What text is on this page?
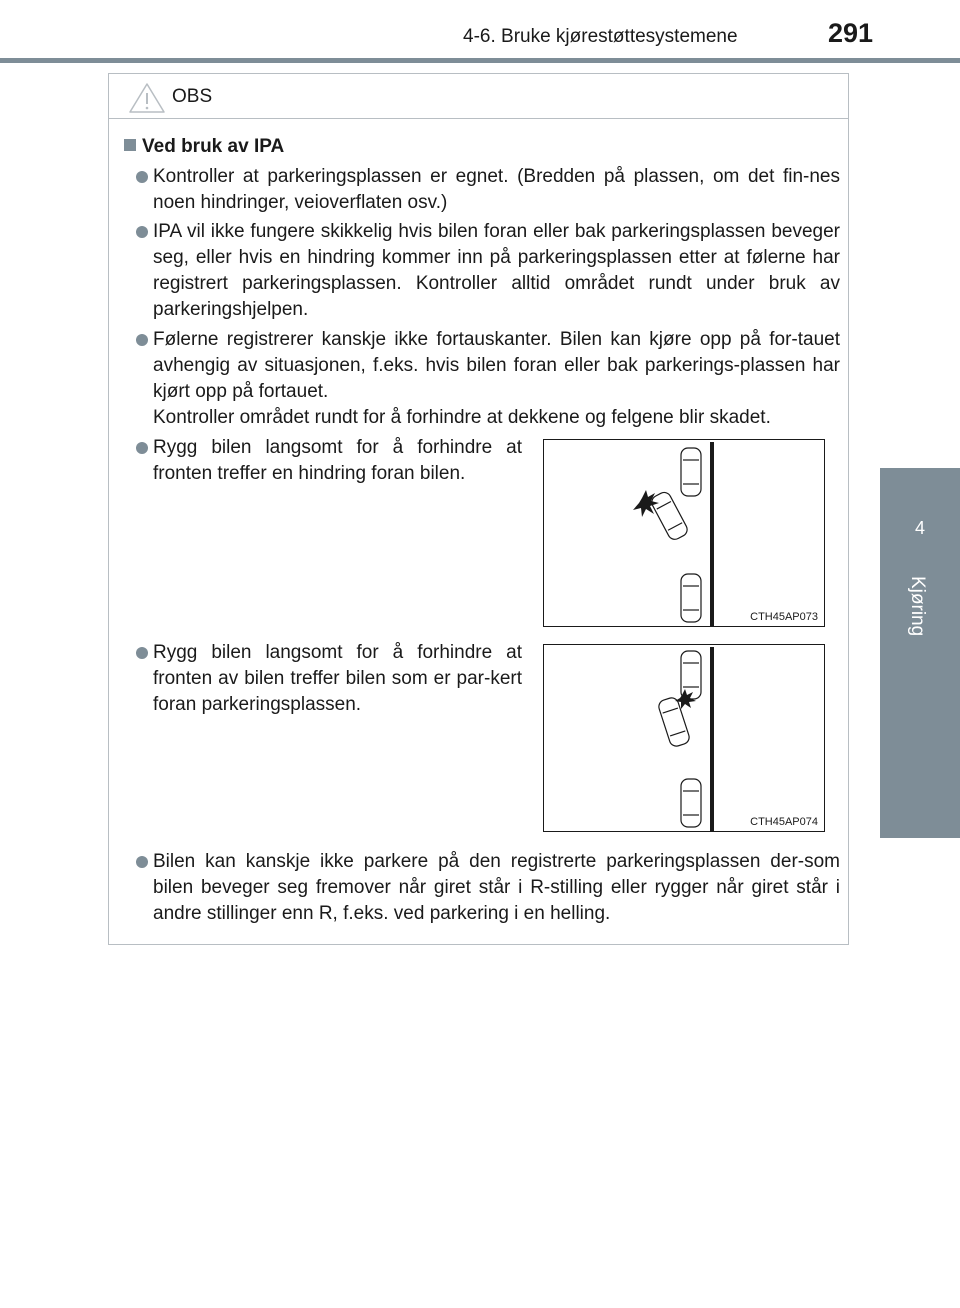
4-6. Bruke kjørestøttesystemene	291
4
Kjøring
OBS
Ved bruk av IPA
Kontroller at parkeringsplassen er egnet. (Bredden på plassen, om det fin-nes noen hindringer, veioverflaten osv.)
IPA vil ikke fungere skikkelig hvis bilen foran eller bak parkeringsplassen beveger seg, eller hvis en hindring kommer inn på parkeringsplassen etter at følerne har registrert parkeringsplassen. Kontroller alltid området rundt under bruk av parkeringshjelpen.
Følerne registrerer kanskje ikke fortauskanter. Bilen kan kjøre opp på for-tauet avhengig av situasjonen, f.eks. hvis bilen foran eller bak parkerings-plassen har kjørt opp på fortauet.
Kontroller området rundt for å forhindre at dekkene og felgene blir skadet.
Rygg bilen langsomt for å forhindre at fronten treffer en hindring foran bilen.
CTH45AP073
Rygg bilen langsomt for å forhindre at fronten av bilen treffer bilen som er par-kert foran parkeringsplassen.
CTH45AP074
Bilen kan kanskje ikke parkere på den registrerte parkeringsplassen der-som bilen beveger seg fremover når giret står i R-stilling eller rygger når giret står i andre stillinger enn R, f.eks. ved parkering i en helling.
